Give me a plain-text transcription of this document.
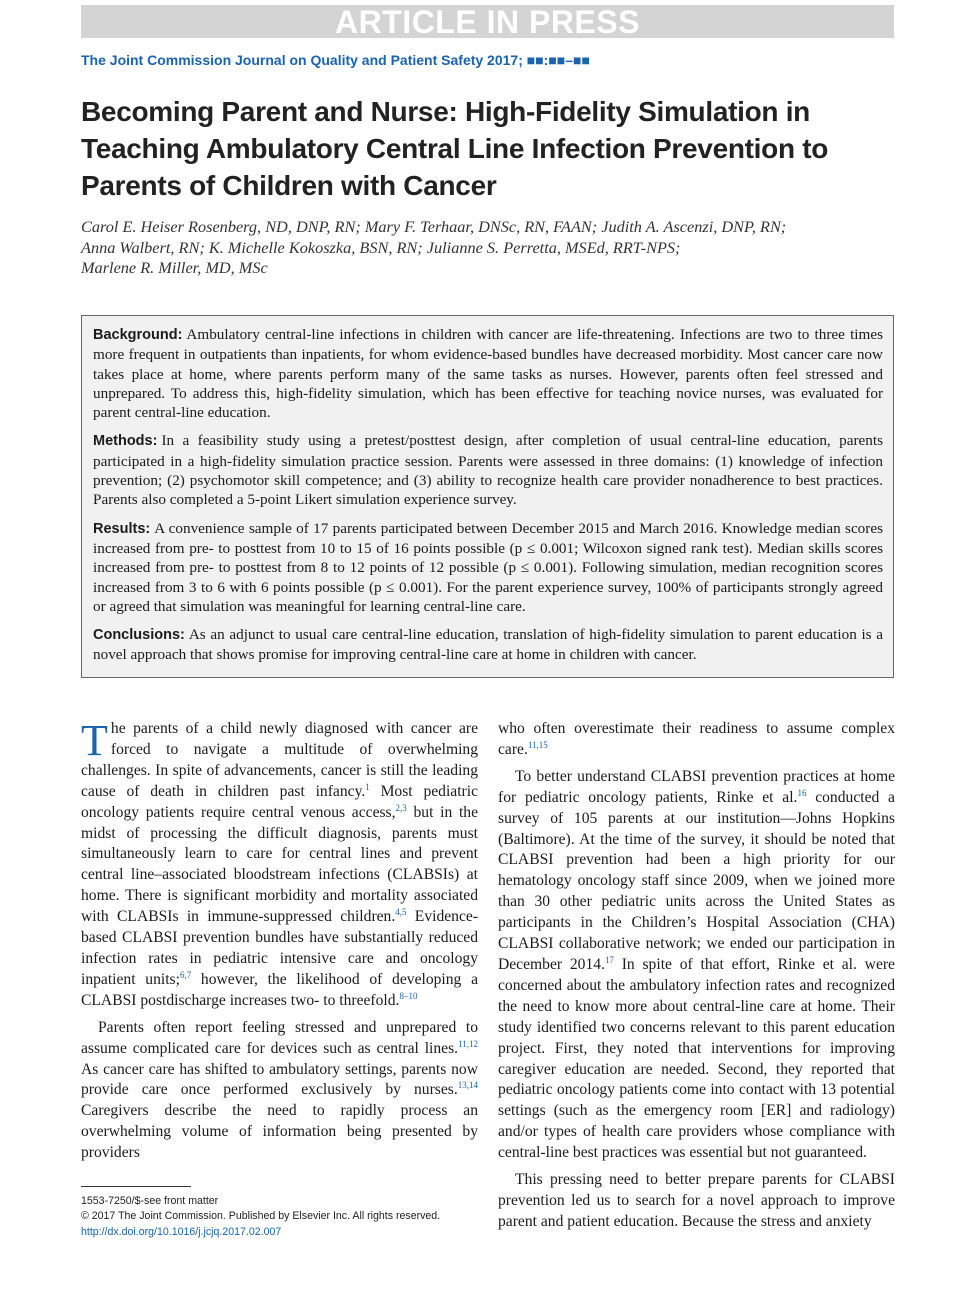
ARTICLE IN PRESS
The Joint Commission Journal on Quality and Patient Safety 2017; ■■:■■–■■
Becoming Parent and Nurse: High-Fidelity Simulation in Teaching Ambulatory Central Line Infection Prevention to Parents of Children with Cancer
Carol E. Heiser Rosenberg, ND, DNP, RN; Mary F. Terhaar, DNSc, RN, FAAN; Judith A. Ascenzi, DNP, RN;
Anna Walbert, RN; K. Michelle Kokoszka, BSN, RN; Julianne S. Perretta, MSEd, RRT-NPS;
Marlene R. Miller, MD, MSc

Background: Ambulatory central-line infections in children with cancer are life-threatening. Infections are two to three times more frequent in outpatients than inpatients, for whom evidence-based bundles have decreased morbidity. Most cancer care now takes place at home, where parents perform many of the same tasks as nurses. However, parents often feel stressed and unprepared. To address this, high-fidelity simulation, which has been effective for teaching novice nurses, was evaluated for parent central-line education.

Methods: In a feasibility study using a pretest/posttest design, after completion of usual central-line education, parents participated in a high-fidelity simulation practice session. Parents were assessed in three domains: (1) knowledge of infection prevention; (2) psychomotor skill competence; and (3) ability to recognize health care provider nonadherence to best practices. Parents also completed a 5-point Likert simulation experience survey.

Results: A convenience sample of 17 parents participated between December 2015 and March 2016. Knowledge median scores increased from pre- to posttest from 10 to 15 of 16 points possible (p ≤ 0.001; Wilcoxon signed rank test). Median skills scores increased from pre- to posttest from 8 to 12 points of 12 possible (p ≤ 0.001). Following simulation, median recognition scores increased from 3 to 6 with 6 points possible (p ≤ 0.001). For the parent experience survey, 100% of participants strongly agreed or agreed that simulation was meaningful for learning central-line care.

Conclusions: As an adjunct to usual care central-line education, translation of high-fidelity simulation to parent education is a novel approach that shows promise for improving central-line care at home in children with cancer.

The parents of a child newly diagnosed with cancer are forced to navigate a multitude of overwhelming challenges. In spite of advancements, cancer is still the leading cause of death in children past infancy.$^1$ Most pediatric oncology patients require central venous access,$^{2,3}$ but in the midst of processing the difficult diagnosis, parents must simultaneously learn to care for central lines and prevent central line–associated bloodstream infections (CLABSIs) at home. There is significant morbidity and mortality associated with CLABSIs in immune-suppressed children.$^{4,5}$ Evidence-based CLABSI prevention bundles have substantially reduced infection rates in pediatric intensive care and oncology inpatient units;$^{6,7}$ however, the likelihood of developing a CLABSI postdischarge increases two- to threefold.$^{8-10}$

Parents often report feeling stressed and unprepared to assume complicated care for devices such as central lines.$^{11,12}$ As cancer care has shifted to ambulatory settings, parents now provide care once performed exclusively by nurses.$^{13,14}$ Caregivers describe the need to rapidly process an overwhelming volume of information being presented by providers

who often overestimate their readiness to assume complex care.$^{11,15}$

To better understand CLABSI prevention practices at home for pediatric oncology patients, Rinke et al.$^{16}$ conducted a survey of 105 parents at our institution—Johns Hopkins (Baltimore). At the time of the survey, it should be noted that CLABSI prevention had been a high priority for our hematology oncology staff since 2009, when we joined more than 30 other pediatric units across the United States as participants in the Children’s Hospital Association (CHA) CLABSI collaborative network; we ended our participation in December 2014.17 In spite of that effort, Rinke et al. were concerned about the ambulatory infection rates and recognized the need to know more about central-line care at home. Their study identified two concerns relevant to this parent education project. First, they noted that interventions for improving caregiver education are needed. Second, they reported that pediatric oncology patients come into contact with 13 potential settings (such as the emergency room [ER] and radiology) and/or types of health care providers whose compliance with central-line best practices was essential but not guaranteed.

This pressing need to better prepare parents for CLABSI prevention led us to search for a novel approach to improve parent and patient education. Because the stress and anxiety

1553-7250/$-see front matter
© 2017 The Joint Commission. Published by Elsevier Inc. All rights reserved.
http://dx.doi.org/10.1016/j.jcjq.2017.02.007
